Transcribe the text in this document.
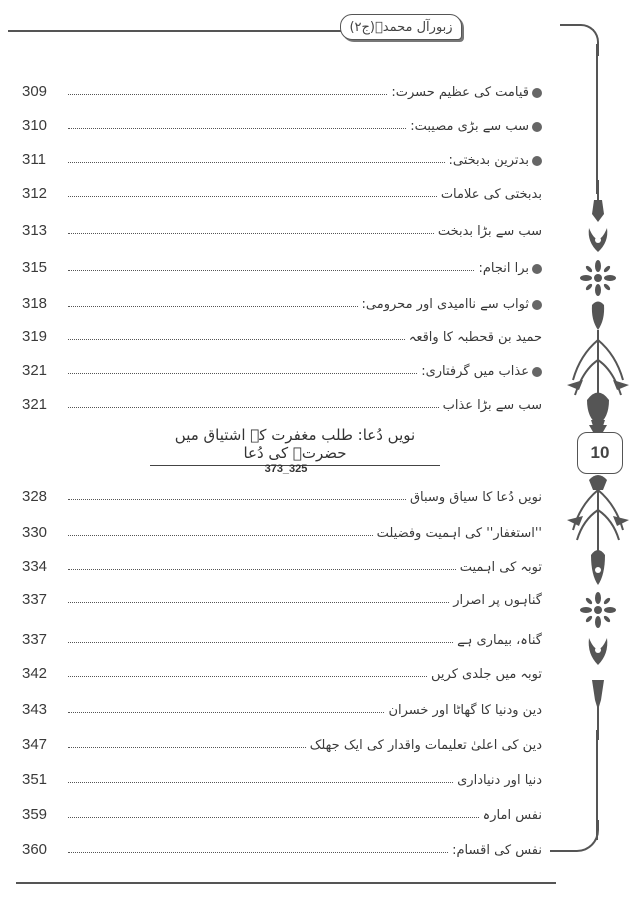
زبورآل محمدؐ(ج۲)
309	قیامت کی عظیم حسرت:
310	سب سے بڑی مصیبت:
311	بدترین بدبختی:
312	بدبختی کی علامات
313	سب سے بڑا بدبخت
315	برا انجام:
318	ثواب سے ناامیدی اور محرومی:
319	حمید بن قحطبہ کا واقعہ
321	عذاب میں گرفتاری:
321	سب سے بڑا عذاب
نویں دُعا: طلب مغفرت کے اشتیاق میں حضرتؑ کی دُعا
373_325
328	نویں دُعا کا سیاق وسباق
330	''استغفار'' کی اہمیت وفضیلت
334	توبہ کی اہمیت
337	گناہوں پر اصرار
337	گناہ، بیماری ہے
342	توبہ میں جلدی کریں
343	دین ودنیا کا گھاٹا اور خسران
347	دین کی اعلیٰ تعلیمات واقدار کی ایک جھلک
351	دنیا اور دنیاداری
359	نفس امارہ
360	نفس کی اقسام:
10
